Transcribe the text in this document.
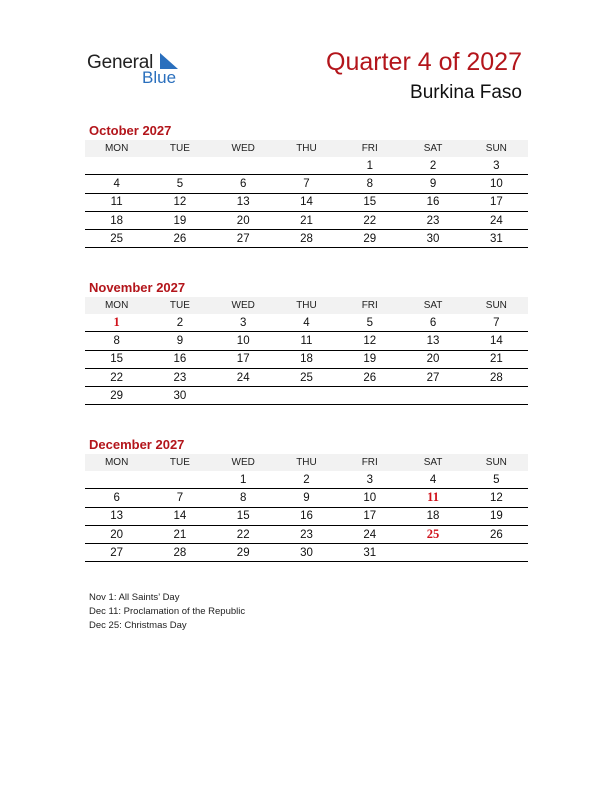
General
Blue
Quarter 4 of 2027
Burkina Faso
October 2027
MON	TUE	WED	THU	FRI	SAT	SUN
				1	2	3
4	5	6	7	8	9	10
11	12	13	14	15	16	17
18	19	20	21	22	23	24
25	26	27	28	29	30	31
November 2027
MON	TUE	WED	THU	FRI	SAT	SUN
1	2	3	4	5	6	7
8	9	10	11	12	13	14
15	16	17	18	19	20	21
22	23	24	25	26	27	28
29	30					
December 2027
MON	TUE	WED	THU	FRI	SAT	SUN
		1	2	3	4	5
6	7	8	9	10	11	12
13	14	15	16	17	18	19
20	21	22	23	24	25	26
27	28	29	30	31		
Nov 1: All Saints’ Day
Dec 11: Proclamation of the Republic
Dec 25: Christmas Day
